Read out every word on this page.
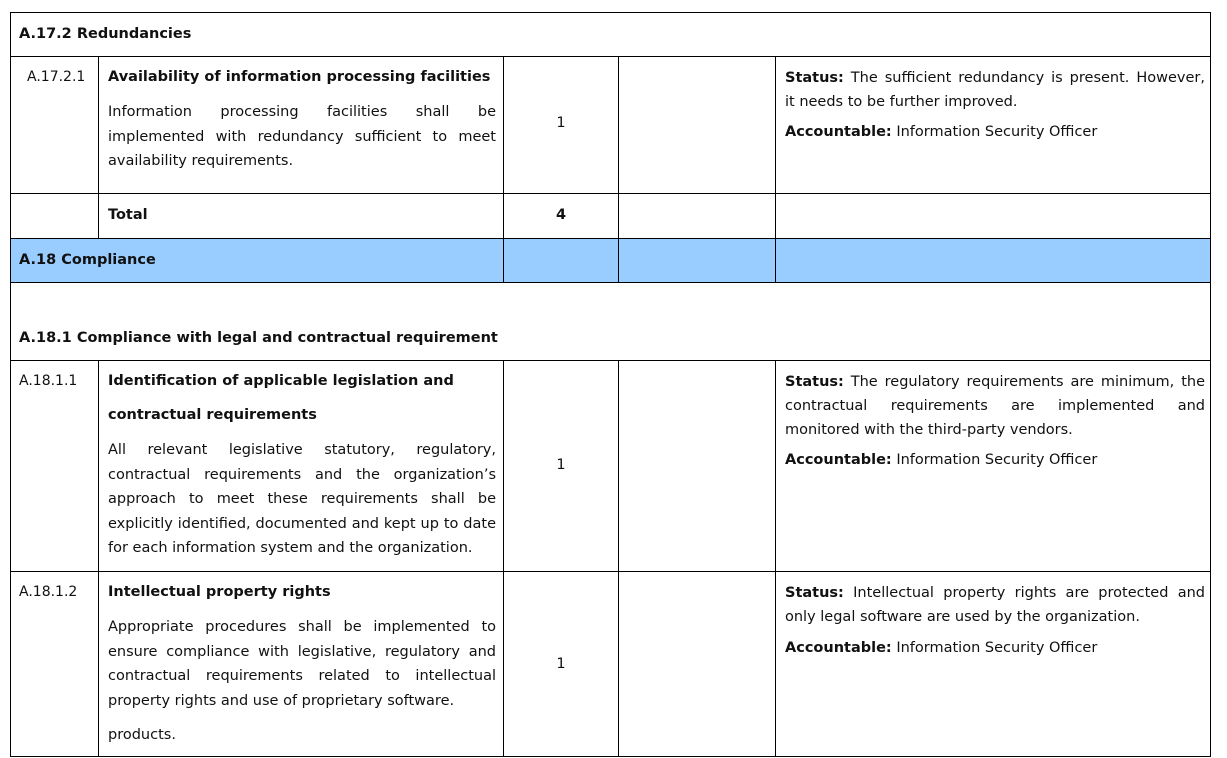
A.17.2 Redundancies
A.17.2.1 Availability of information processing facilities
Information processing facilities shall be implemented with redundancy sufficient to meet availability requirements.
1
Status: The sufficient redundancy is present. However, it needs to be further improved.
Accountable: Information Security Officer
Total	4
A.18 Compliance
A.18.1 Compliance with legal and contractual requirement
A.18.1.1 Identification of applicable legislation and
contractual requirements
All relevant legislative statutory, regulatory, contractual requirements and the organization’s approach to meet these requirements shall be explicitly identified, documented and kept up to date for each information system and the organization.
1
Status: The regulatory requirements are minimum, the contractual requirements are implemented and monitored with the third-party vendors.
Accountable: Information Security Officer
A.18.1.2 Intellectual property rights
Appropriate procedures shall be implemented to ensure compliance with legislative, regulatory and contractual requirements related to intellectual property rights and use of proprietary software.
products.
1
Status: Intellectual property rights are protected and only legal software are used by the organization.
Accountable: Information Security Officer
